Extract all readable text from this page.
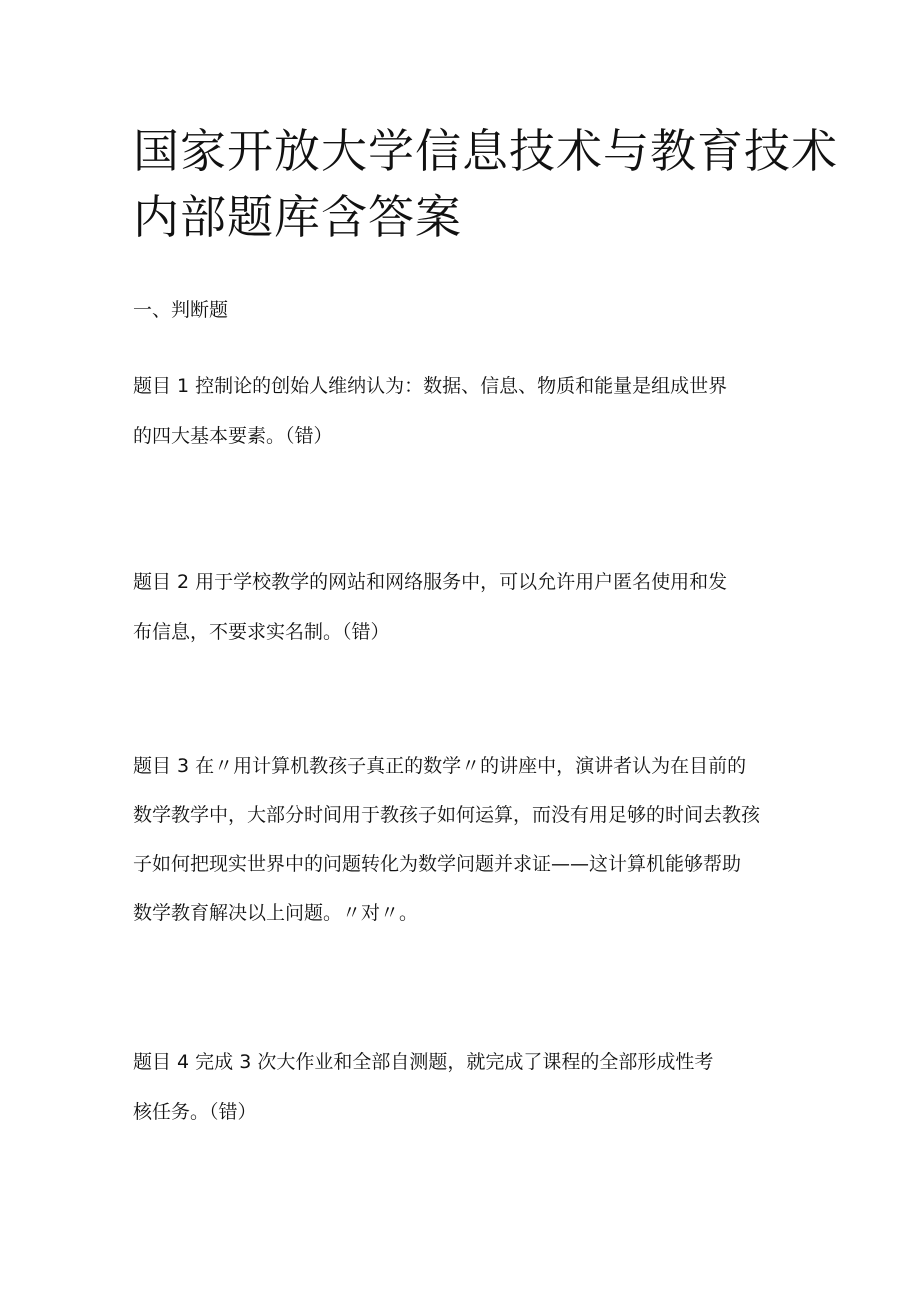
国家开放大学信息技术与教育技术
内部题库含答案
一、判断题

题目 1 控制论的创始人维纳认为：数据、信息、物质和能量是组成世界
的四大基本要素。（错）

题目 2 用于学校教学的网站和网络服务中，可以允许用户匿名使用和发
布信息，不要求实名制。（错）

题目 3 在〃用计算机教孩子真正的数学〃的讲座中，演讲者认为在目前的
数学教学中，大部分时间用于教孩子如何运算，而没有用足够的时间去教孩
子如何把现实世界中的问题转化为数学问题并求证——这计算机能够帮助
数学教育解决以上问题。〃对〃。

题目 4 完成 3 次大作业和全部自测题，就完成了课程的全部形成性考
核任务。（错）
